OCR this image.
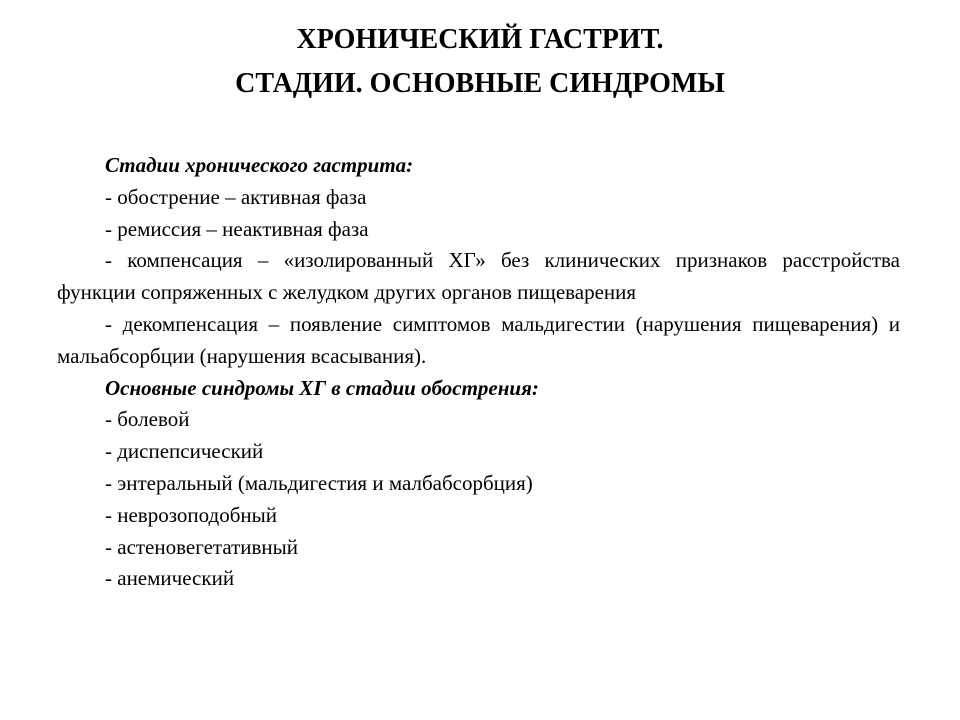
ХРОНИЧЕСКИЙ ГАСТРИТ.
СТАДИИ. ОСНОВНЫЕ СИНДРОМЫ
Стадии хронического гастрита:
- обострение – активная фаза
- ремиссия – неактивная фаза
- компенсация – «изолированный ХГ» без клинических признаков расстройства функции сопряженных с желудком других органов пищеварения
- декомпенсация – появление симптомов мальдигестии (нарушения пищеварения) и мальабсорбции (нарушения всасывания).
Основные синдромы ХГ в стадии обострения:
- болевой
- диспепсический
- энтеральный (мальдигестия и малбабсорбция)
- неврозоподобный
- астеновегетативный
- анемический
